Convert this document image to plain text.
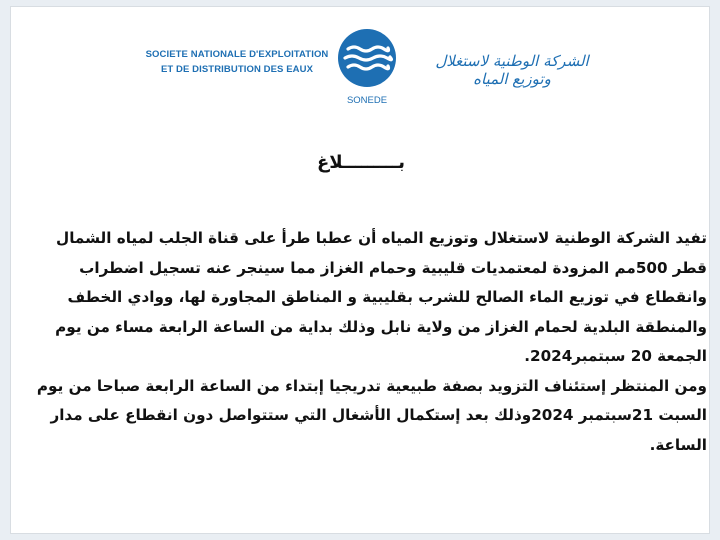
SOCIETE NATIONALE D'EXPLOITATION
ET DE DISTRIBUTION DES EAUX
SONEDE
الشركة الوطنية لاستغلال وتوزيع المياه
بـــــــــلاغ

تفيد الشركة الوطنية لاستغلال وتوزيع المياه أن عطبا طرأ على قناة الجلب لمياه الشمال قطر 500مم المزودة لمعتمديات قليبية وحمام الغزاز مما سينجر عنه تسجيل اضطراب وانقطاع في توزيع الماء الصالح للشرب بقليبية و المناطق المجاورة لها، ووادي الخطف والمنطقة البلدية لحمام الغزاز من ولاية نابل وذلك بداية من الساعة الرابعة مساء من يوم الجمعة 20 سبتمبر2024.

ومن المنتظر إستئناف التزويد بصفة طبيعية تدريجيا إبتداء من الساعة الرابعة صباحا من يوم السبت 21سبتمبر 2024وذلك بعد إستكمال الأشغال التي ستتواصل دون انقطاع على مدار الساعة.
